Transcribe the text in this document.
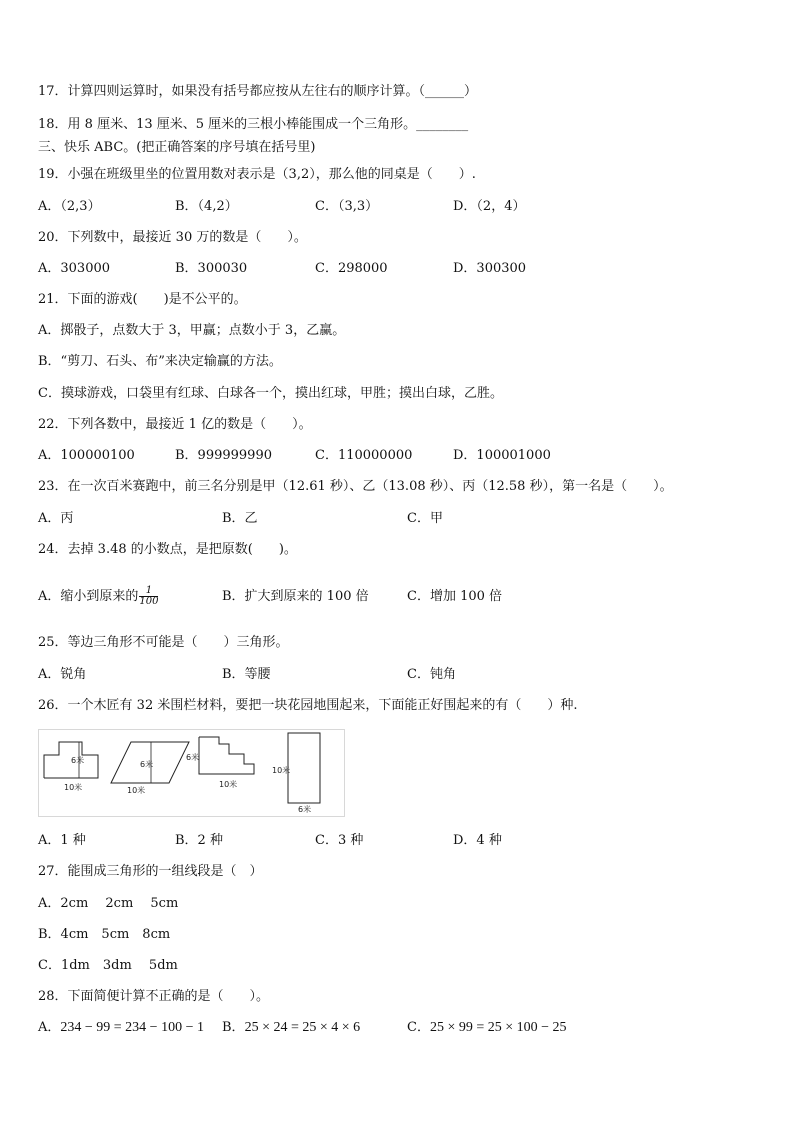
17．计算四则运算时，如果没有括号都应按从左往右的顺序计算。（______）
18．用 8 厘米、13 厘米、5 厘米的三根小棒能围成一个三角形。________
三、快乐 ABC。(把正确答案的序号填在括号里)
19．小强在班级里坐的位置用数对表示是（3,2），那么他的同桌是（　　）.
A．（2,3）	B．（4,2）	C．（3,3）	D．（2，4）
20．下列数中，最接近 30 万的数是（　　）。
A．303000	B．300030	C．298000	D．300300
21．下面的游戏(　　)是不公平的。
A．掷骰子，点数大于 3，甲赢；点数小于 3，乙赢。
B．“剪刀、石头、布”来决定输赢的方法。
C．摸球游戏，口袋里有红球、白球各一个，摸出红球，甲胜；摸出白球，乙胜。
22．下列各数中，最接近 1 亿的数是（　　）。
A．100000100	B．999999990	C．110000000	D．100001000
23．在一次百米赛跑中，前三名分别是甲（12.61 秒）、乙（13.08 秒）、丙（12.58 秒），第一名是（　　）。
A．丙	B．乙	C．甲
24．去掉 3.48 的小数点，是把原数(　　)。
A．缩小到原来的 $\frac{1}{100}$	B．扩大到原来的 100 倍	C．增加 100 倍
25．等边三角形不可能是（　　）三角形。
A．锐角	B．等腰	C．钝角
26．一个木匠有 32 米围栏材料，要把一块花园地围起来，下面能正好围起来的有（　　）种.
6米
10米
6米
10米
6米
10米
10米
6米
A．1 种	B．2 种	C．3 种	D．4 种
27．能围成三角形的一组线段是（　）
A．2cm　 2cm　 5cm
B．4cm　5cm　8cm
C．1dm　3dm　 5dm
28．下面简便计算不正确的是（　　）。
A．234 − 99 = 234 − 100 − 1 B．25 × 24 = 25 × 4 × 6	C．25 × 99 = 25 × 100 − 25
